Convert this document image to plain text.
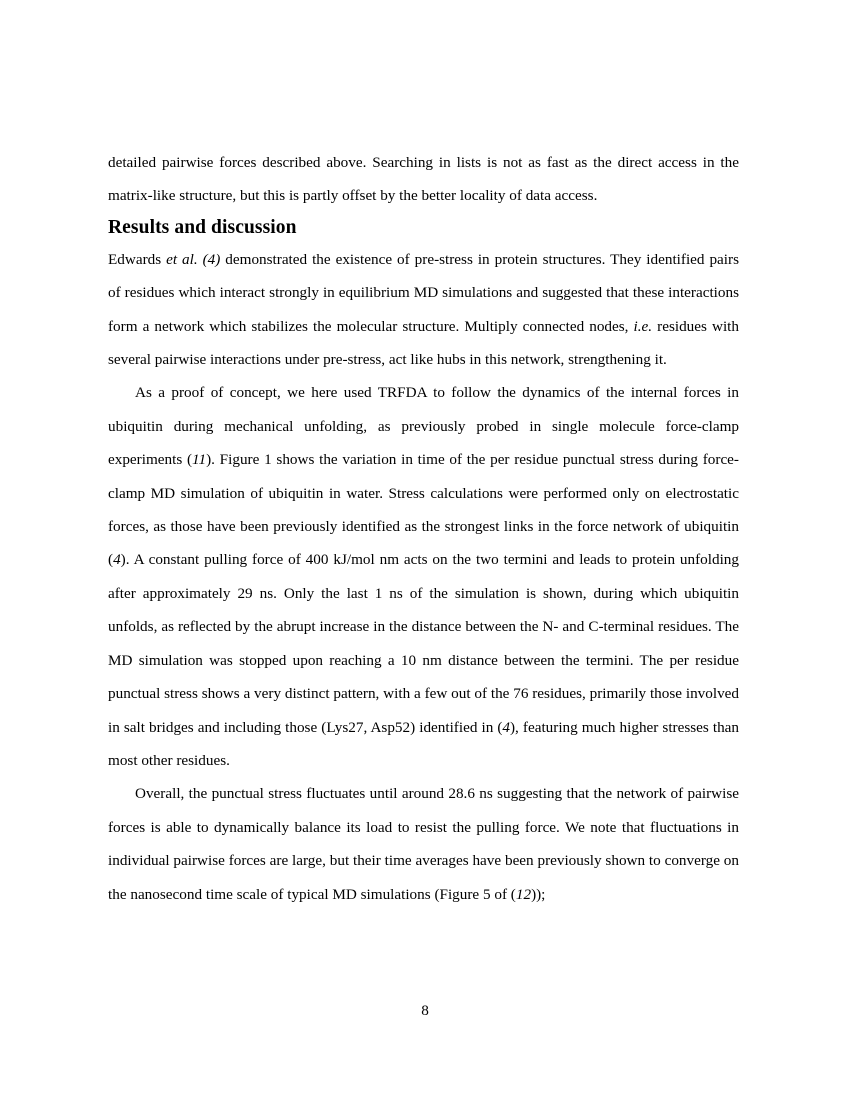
detailed pairwise forces described above. Searching in lists is not as fast as the direct access in the matrix-like structure, but this is partly offset by the better locality of data access.

Results and discussion

Edwards et al. (4) demonstrated the existence of pre-stress in protein structures. They identified pairs of residues which interact strongly in equilibrium MD simulations and suggested that these interactions form a network which stabilizes the molecular structure. Multiply connected nodes, i.e. residues with several pairwise interactions under pre-stress, act like hubs in this network, strengthening it.

As a proof of concept, we here used TRFDA to follow the dynamics of the internal forces in ubiquitin during mechanical unfolding, as previously probed in single molecule force-clamp experiments (11). Figure 1 shows the variation in time of the per residue punctual stress during force-clamp MD simulation of ubiquitin in water. Stress calculations were performed only on electrostatic forces, as those have been previously identified as the strongest links in the force network of ubiquitin (4). A constant pulling force of 400 kJ/mol nm acts on the two termini and leads to protein unfolding after approximately 29 ns. Only the last 1 ns of the simulation is shown, during which ubiquitin unfolds, as reflected by the abrupt increase in the distance between the N- and C-terminal residues. The MD simulation was stopped upon reaching a 10 nm distance between the termini. The per residue punctual stress shows a very distinct pattern, with a few out of the 76 residues, primarily those involved in salt bridges and including those (Lys27, Asp52) identified in (4), featuring much higher stresses than most other residues.

Overall, the punctual stress fluctuates until around 28.6 ns suggesting that the network of pairwise forces is able to dynamically balance its load to resist the pulling force. We note that fluctuations in individual pairwise forces are large, but their time averages have been previously shown to converge on the nanosecond time scale of typical MD simulations (Figure 5 of (12));

8
